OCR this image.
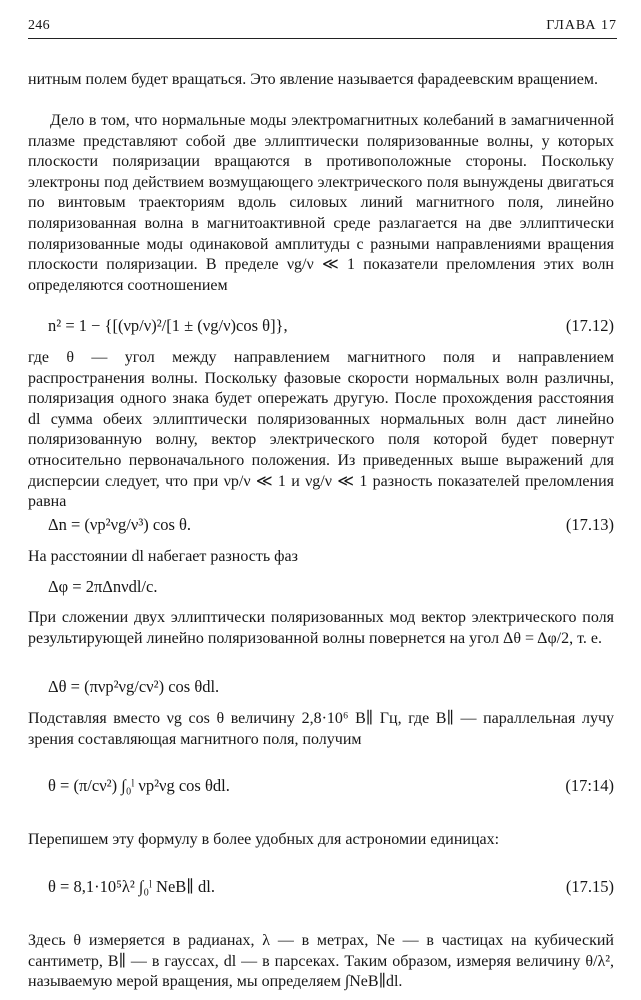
246	ГЛАВА 17

нитным полем будет вращаться. Это явление называется фарадеевским вращением.

Дело в том, что нормальные моды электромагнитных колебаний в замагниченной плазме представляют собой две эллиптически поляризованные волны, у которых плоскости поляризации вращаются в противоположные стороны. Поскольку электроны под действием возмущающего электрического поля вынуждены двигаться по винтовым траекториям вдоль силовых линий магнитного поля, линейно поляризованная волна в магнитоактивной среде разлагается на две эллиптически поляризованные моды одинаковой амплитуды с разными направлениями вращения плоскости поляризации. В пределе νg/ν ≪ 1 показатели преломления этих волн определяются соотношением

n² = 1 − {[(νp/ν)²/[1 ± (νg/ν)cos θ]},	(17.12)

где θ — угол между направлением магнитного поля и направлением распространения волны. Поскольку фазовые скорости нормальных волн различны, поляризация одного знака будет опережать другую. После прохождения расстояния dl сумма обеих эллиптически поляризованных нормальных волн даст линейно поляризованную волну, вектор электрического поля которой будет повернут относительно первоначального положения. Из приведенных выше выражений для дисперсии следует, что при νp/ν ≪ 1 и νg/ν ≪ 1 разность показателей преломления равна

Δn = (νp²νg/ν³) cos θ.	(17.13)

На расстоянии dl набегает разность фаз

Δφ = 2πΔnνdl/c.

При сложении двух эллиптически поляризованных мод вектор электрического поля результирующей линейно поляризованной волны повернется на угол Δθ = Δφ/2, т. е.

Δθ = (πνp²νg/cν²) cos θdl.

Подставляя вместо νg cos θ величину 2,8·10⁶ B∥ Гц, где B∥ — параллельная лучу зрения составляющая магнитного поля, получим

θ = (π/cν²) ∫₀ˡ νp²νg cos θdl.	(17:14)

Перепишем эту формулу в более удобных для астрономии единицах:

θ = 8,1·10⁵λ² ∫₀ˡ NeB∥ dl.	(17.15)

Здесь θ измеряется в радианах, λ — в метрах, Ne — в частицах на кубический сантиметр, B∥ — в гауссах, dl — в парсеках. Таким образом, измеряя величину θ/λ², называемую мерой вращения, мы определяем ∫NeB∥dl.
